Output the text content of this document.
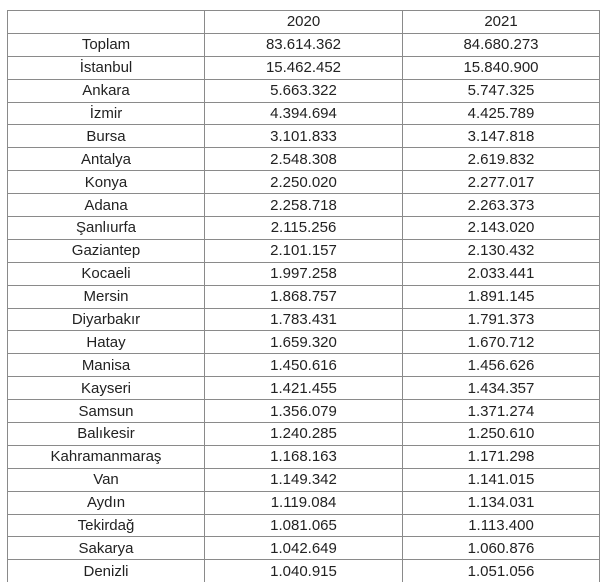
	2020	2021
Toplam	83.614.362	84.680.273
İstanbul	15.462.452	15.840.900
Ankara	5.663.322	5.747.325
İzmir	4.394.694	4.425.789
Bursa	3.101.833	3.147.818
Antalya	2.548.308	2.619.832
Konya	2.250.020	2.277.017
Adana	2.258.718	2.263.373
Şanlıurfa	2.115.256	2.143.020
Gaziantep	2.101.157	2.130.432
Kocaeli	1.997.258	2.033.441
Mersin	1.868.757	1.891.145
Diyarbakır	1.783.431	1.791.373
Hatay	1.659.320	1.670.712
Manisa	1.450.616	1.456.626
Kayseri	1.421.455	1.434.357
Samsun	1.356.079	1.371.274
Balıkesir	1.240.285	1.250.610
Kahramanmaraş	1.168.163	1.171.298
Van	1.149.342	1.141.015
Aydın	1.119.084	1.134.031
Tekirdağ	1.081.065	1.113.400
Sakarya	1.042.649	1.060.876
Denizli	1.040.915	1.051.056
